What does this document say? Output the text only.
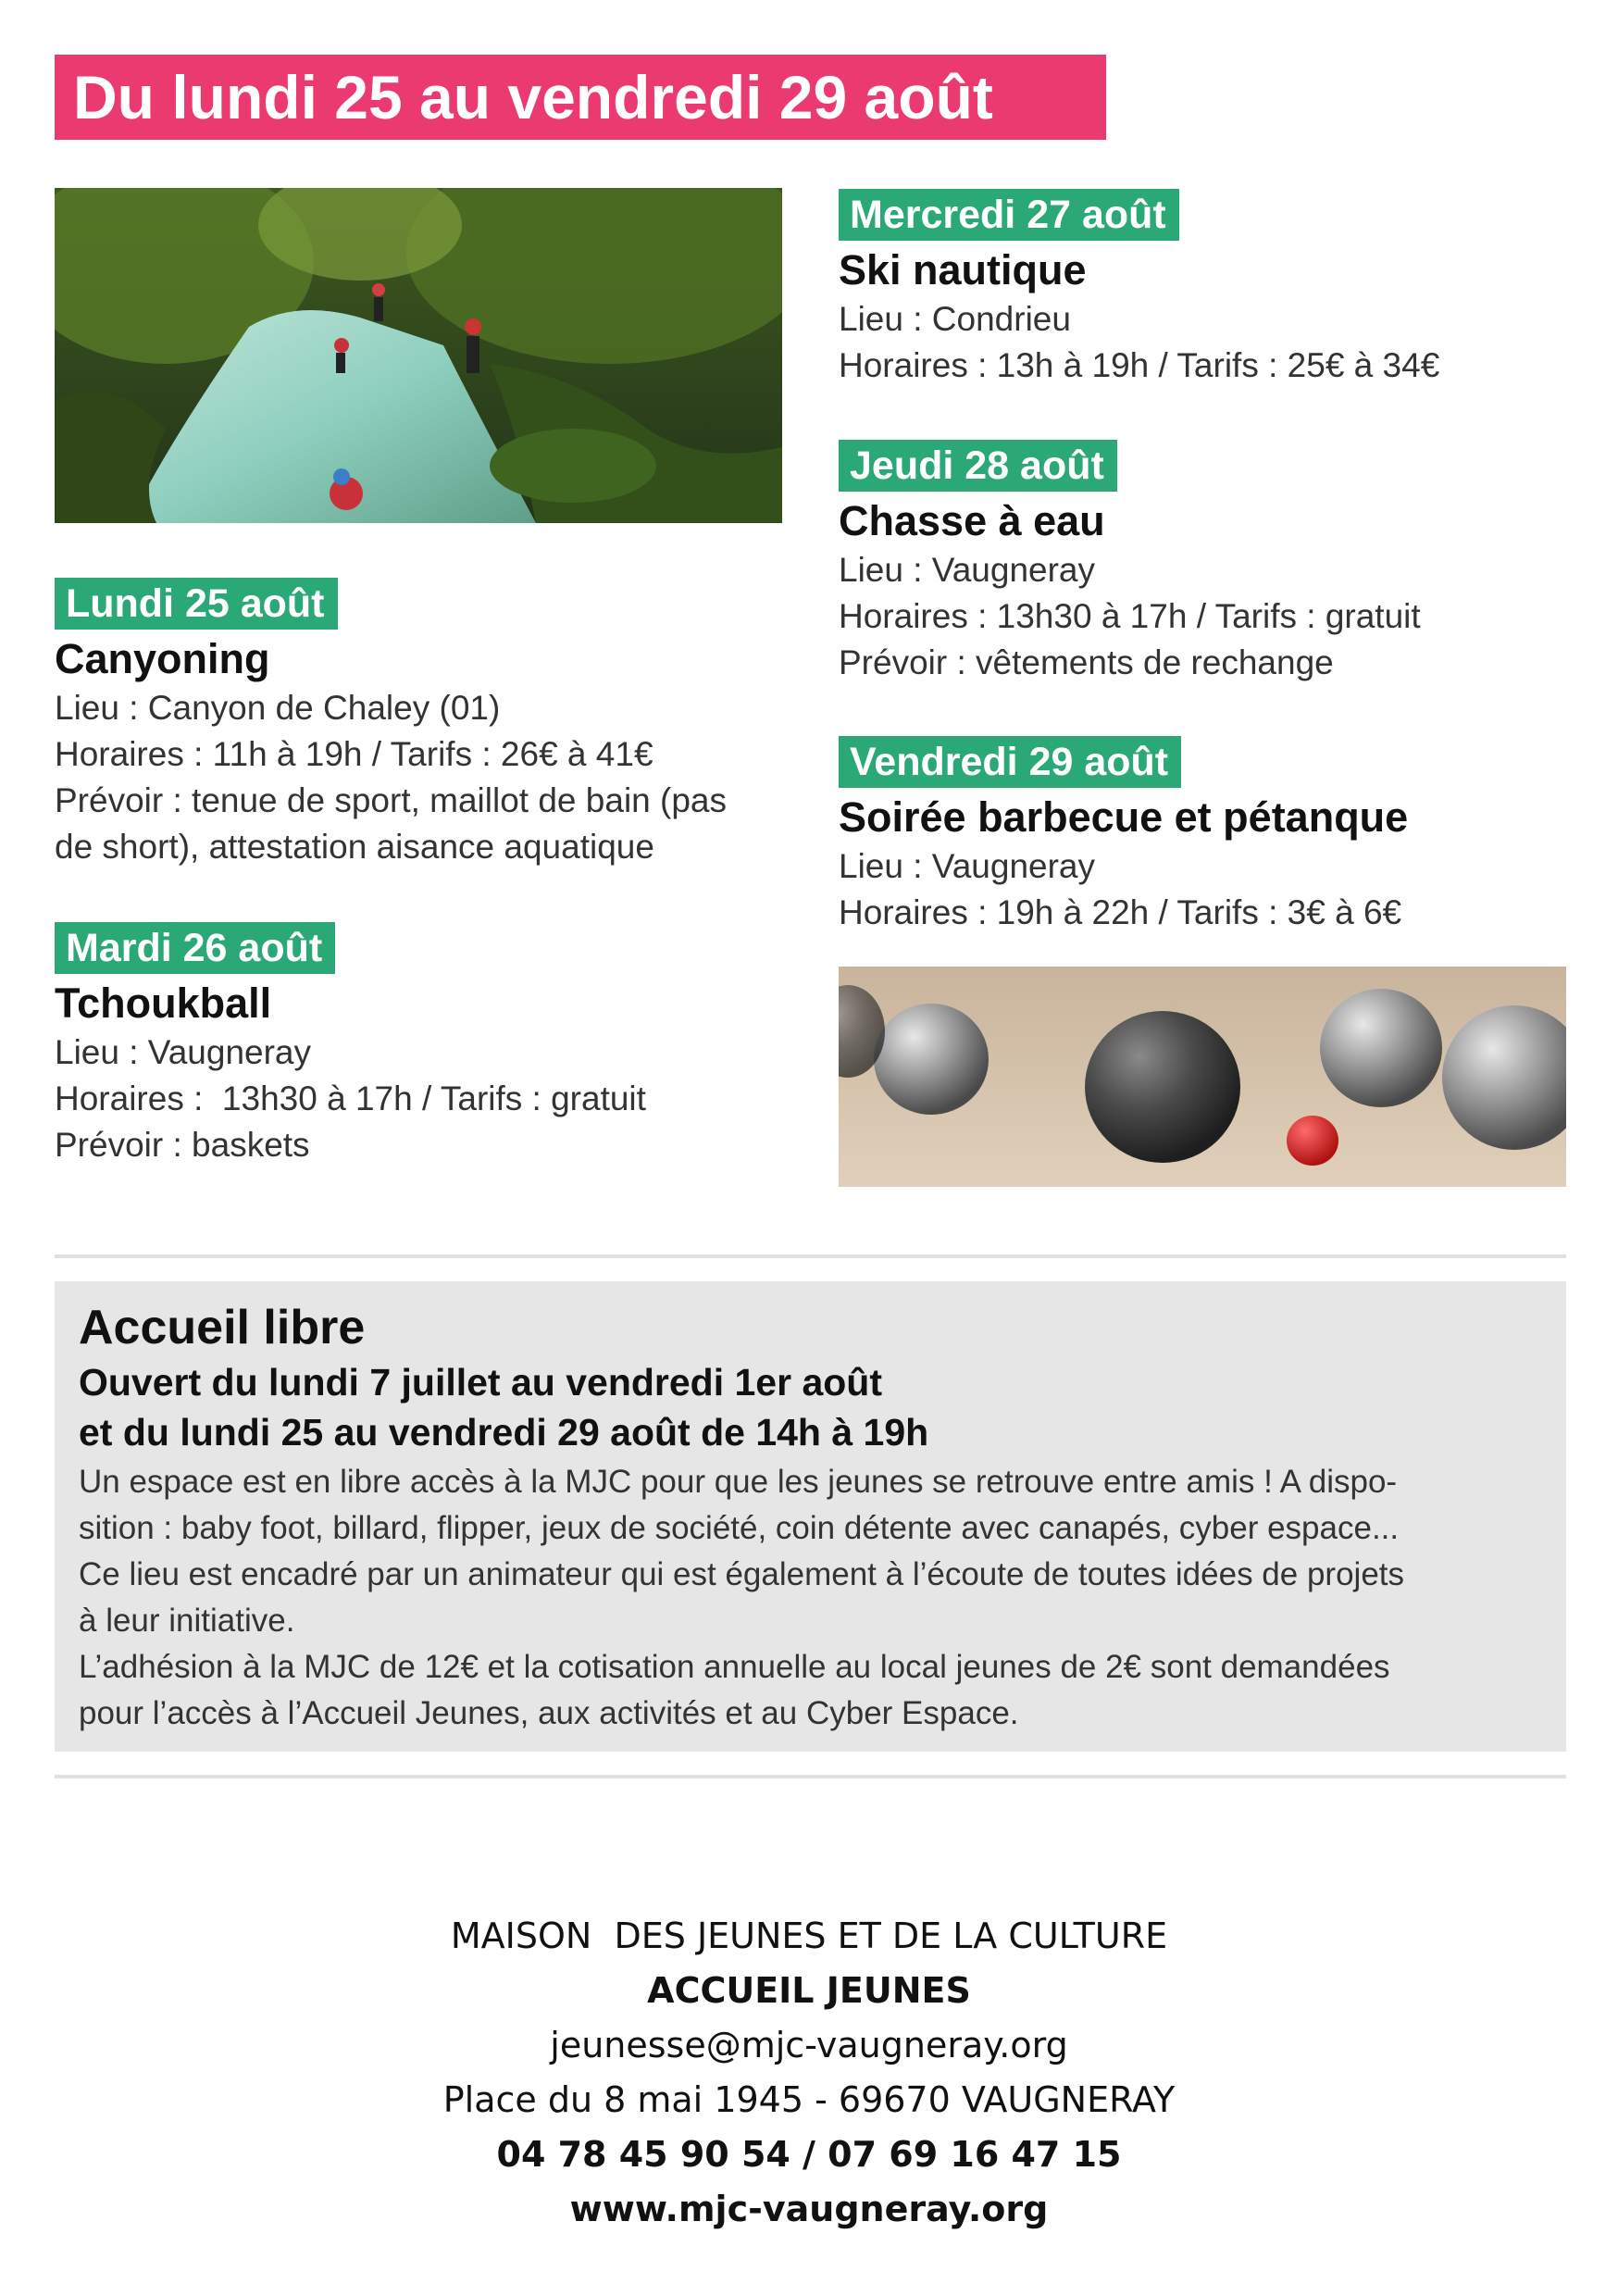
Du lundi 25 au vendredi 29 août
Lundi 25 août
Canyoning
Lieu : Canyon de Chaley (01)
Horaires : 11h à 19h / Tarifs : 26€ à 41€
Prévoir : tenue de sport, maillot de bain (pas
de short), attestation aisance aquatique
Mardi 26 août
Tchoukball
Lieu : Vaugneray
Horaires :  13h30 à 17h / Tarifs : gratuit
Prévoir : baskets
Mercredi 27 août
Ski nautique
Lieu : Condrieu
Horaires : 13h à 19h / Tarifs : 25€ à 34€
Jeudi 28 août
Chasse à eau
Lieu : Vaugneray
Horaires : 13h30 à 17h / Tarifs : gratuit
Prévoir : vêtements de rechange
Vendredi 29 août
Soirée barbecue et pétanque
Lieu : Vaugneray
Horaires : 19h à 22h / Tarifs : 3€ à 6€
Accueil libre
Ouvert du lundi 7 juillet au vendredi 1er août
et du lundi 25 au vendredi 29 août de 14h à 19h
Un espace est en libre accès à la MJC pour que les jeunes se retrouve entre amis ! A dispo-
sition : baby foot, billard, flipper, jeux de société, coin détente avec canapés, cyber espace...
Ce lieu est encadré par un animateur qui est également à l’écoute de toutes idées de projets
à leur initiative.
L’adhésion à la MJC de 12€ et la cotisation annuelle au local jeunes de 2€ sont demandées
pour l’accès à l’Accueil Jeunes, aux activités et au Cyber Espace.
MAISON  DES JEUNES ET DE LA CULTURE
ACCUEIL JEUNES
jeunesse@mjc-vaugneray.org
Place du 8 mai 1945 - 69670 VAUGNERAY
04 78 45 90 54 / 07 69 16 47 15
www.mjc-vaugneray.org
